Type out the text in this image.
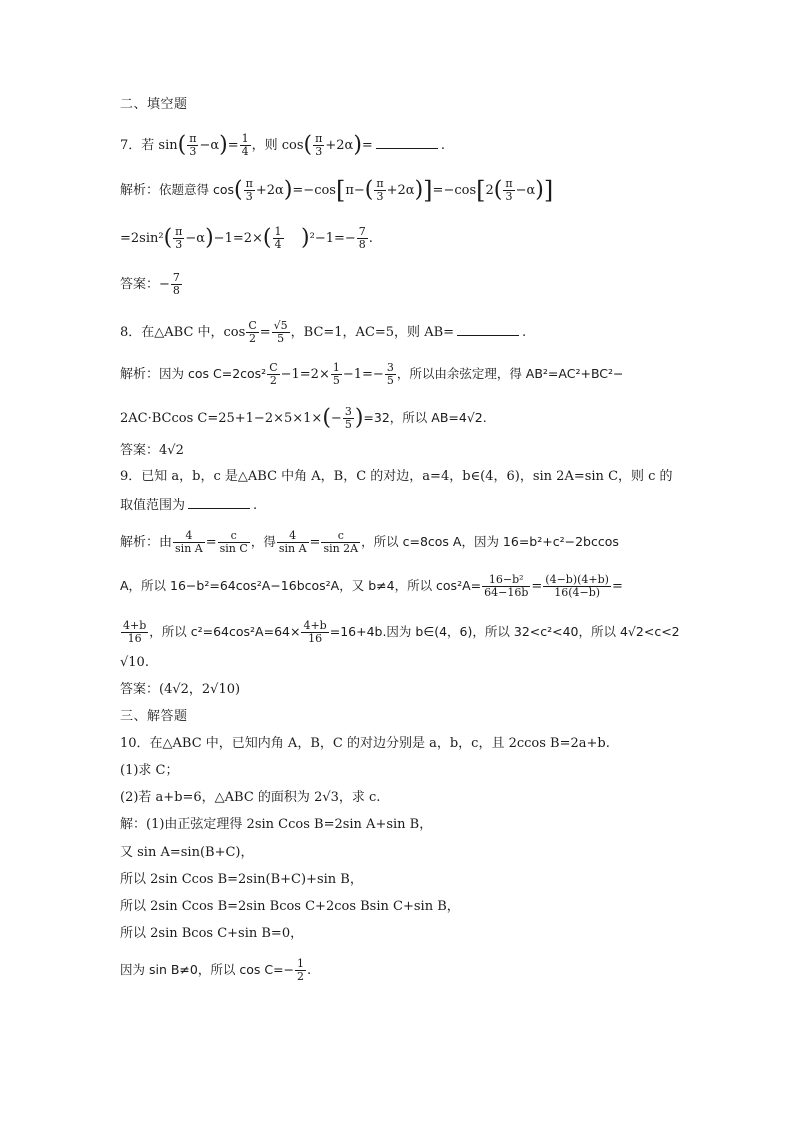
二、填空题
7．若 $\sin( \frac{\pi}{3} -\alpha)= \frac{1}{4}$ ，则 $\cos( \frac{\pi}{3} +2\alpha)=$	.
解析：依题意得 $\cos( \frac{\pi}{3} +2\alpha)=-\cos[\pi-( \frac{\pi}{3} +2\alpha)]=-\cos[2( \frac{\pi}{3} -\alpha)]$
$=2\sin^2( \frac{\pi}{3} -\alpha)-1=2\times( \frac{1}{4} )^2-1=- \frac{7}{8}$ .
答案：− $\frac{7}{8}$
8．在△ABC 中，$\cos \frac{C}{2} = \frac{√5}{5}$ ，BC=1，AC=5，则 AB=	.
解析：因为 $\cos C=2\cos^2 \frac{C}{2} -1=2\times \frac{1}{5} -1=- \frac{3}{5}$ ，所以由余弦定理，得 AB²=AC²+BC²−
2AC·BCcos $C=25+1-2\times 5\times 1\times(- \frac{3}{5} )=32$，所以 AB=4√2.
答案：4√2
9．已知 a，b，c 是△ABC 中角 A，B，C 的对边，a=4，b∈(4，6)，sin 2A=sin C，则 c 的
取值范围为	.
解析：由 $\frac{4}{\text{sin A}} = \frac{c}{\text{sin C}}$ ，得 $\frac{4}{\text{sin A}} = \frac{c}{\sin 2A}$ ，所以 c=8cos A，因为 16=b²+c²−2bccos
A，所以 16−b²=64cos²A−16bcos²A，又 b≠4，所以 $\cos^2A= \frac{\text{16−b²}}{64-16b} = \frac{(4-b)(4+b)}{16(4-b)}$ =
$\frac{4+b}{16}$ ，所以 $c^2=64\cos^2A=64\times \frac{4+b}{16} =16+4b$.因为 b∈(4，6)，所以 32<c²<40，所以 4√2<c<2
√10.
答案：(4√2，2√10)
三、解答题
10．在△ABC 中，已知内角 A，B，C 的对边分别是 a，b，c，且 2ccos B=2a+b.
(1)求 C；
(2)若 a+b=6，△ABC 的面积为 2√3，求 c.
解：(1)由正弦定理得 2sin Ccos B=2sin A+sin B，
又 sin A=sin(B+C)，
所以 2sin Ccos B=2sin(B+C)+sin B，
所以 2sin Ccos B=2sin Bcos C+2cos Bsin C+sin B，
所以 2sin Bcos C+sin B=0，
因为 sin B≠0，所以 $\cos C=- \frac{1}{2}$ .
